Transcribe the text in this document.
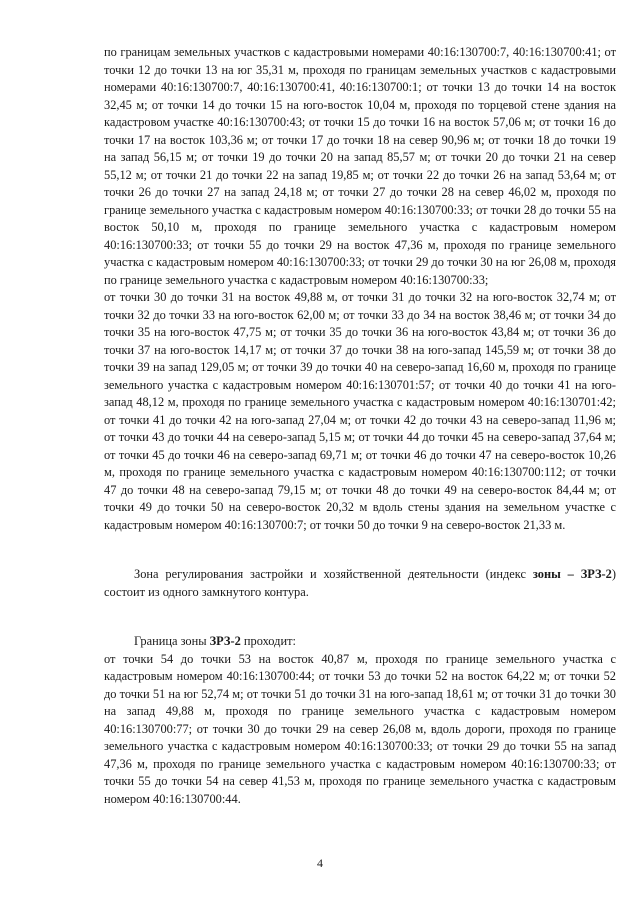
по границам земельных участков с кадастровыми номерами 40:16:130700:7, 40:16:130700:41; от точки 12 до точки 13 на юг 35,31 м, проходя по границам земельных участков с кадастровыми номерами 40:16:130700:7, 40:16:130700:41, 40:16:130700:1; от точки 13 до точки 14 на восток 32,45 м; от точки 14 до точки 15 на юго-восток 10,04 м, проходя по торцевой стене здания на кадастровом участке 40:16:130700:43; от точки 15 до точки 16 на восток 57,06 м; от точки 16 до точки 17 на восток 103,36 м; от точки 17 до точки 18 на север 90,96 м; от точки 18 до точки 19 на запад 56,15 м; от точки 19 до точки 20 на запад 85,57 м; от точки 20 до точки 21 на север 55,12 м; от точки 21 до точки 22 на запад 19,85 м; от точки 22 до точки 26 на запад 53,64 м; от точки 26 до точки 27 на запад 24,18 м; от точки 27 до точки 28 на север 46,02 м, проходя по границе земельного участка с кадастровым номером 40:16:130700:33; от точки 28 до точки 55 на восток 50,10 м, проходя по границе земельного участка с кадастровым номером 40:16:130700:33; от точки 55 до точки 29 на восток 47,36 м, проходя по границе земельного участка с кадастровым номером 40:16:130700:33; от точки 29 до точки 30 на юг 26,08 м, проходя по границе земельного участка с кадастровым номером 40:16:130700:33;

от точки 30 до точки 31 на восток 49,88 м, от точки 31 до точки 32 на юго-восток 32,74 м; от точки 32 до точки 33 на юго-восток 62,00 м; от точки 33 до 34 на восток 38,46 м; от точки 34 до точки 35 на юго-восток 47,75 м; от точки 35 до точки 36 на юго-восток 43,84 м; от точки 36 до точки 37 на юго-восток 14,17 м; от точки 37 до точки 38 на юго-запад 145,59 м; от точки 38 до точки 39 на запад 129,05 м; от точки 39 до точки 40 на северо-запад 16,60 м, проходя по границе земельного участка с кадастровым номером 40:16:130701:57; от точки 40 до точки 41 на юго-запад 48,12 м, проходя по границе земельного участка с кадастровым номером 40:16:130701:42; от точки 41 до точки 42 на юго-запад 27,04 м; от точки 42 до точки 43 на северо-запад 11,96 м; от точки 43 до точки 44 на северо-запад 5,15 м; от точки 44 до точки 45 на северо-запад 37,64 м; от точки 45 до точки 46 на северо-запад 69,71 м; от точки 46 до точки 47 на северо-восток 10,26 м, проходя по границе земельного участка с кадастровым номером 40:16:130700:112; от точки 47 до точки 48 на северо-запад 79,15 м; от точки 48 до точки 49 на северо-восток 84,44 м; от точки 49 до точки 50 на северо-восток 20,32 м вдоль стены здания на земельном участке с кадастровым номером 40:16:130700:7; от точки 50 до точки 9 на северо-восток 21,33 м.

Зона регулирования застройки и хозяйственной деятельности (индекс зоны – ЗРЗ-2) состоит из одного замкнутого контура.

Граница зоны ЗРЗ-2 проходит:

от точки 54 до точки 53 на восток 40,87 м, проходя по границе земельного участка с кадастровым номером 40:16:130700:44; от точки 53 до точки 52 на восток 64,22 м; от точки 52 до точки 51 на юг 52,74 м; от точки 51 до точки 31 на юго-запад 18,61 м; от точки 31 до точки 30 на запад 49,88 м, проходя по границе земельного участка с кадастровым номером 40:16:130700:77; от точки 30 до точки 29 на север 26,08 м, вдоль дороги, проходя по границе земельного участка с кадастровым номером 40:16:130700:33; от точки 29 до точки 55 на запад 47,36 м, проходя по границе земельного участка с кадастровым номером 40:16:130700:33; от точки 55 до точки 54 на север 41,53 м, проходя по границе земельного участка с кадастровым номером 40:16:130700:44.

4
